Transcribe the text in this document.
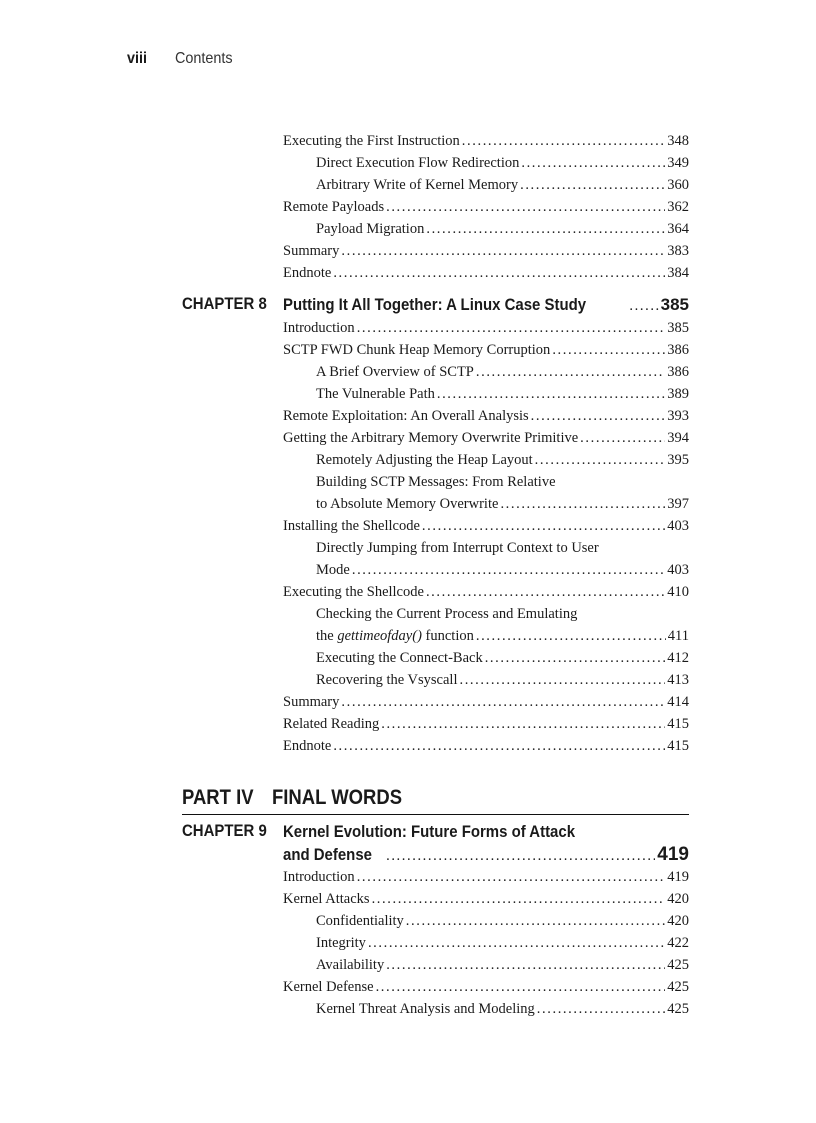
viii Contents
Executing the First Instruction .....	348
Direct Execution Flow Redirection .....	349
Arbitrary Write of Kernel Memory .....	360
Remote Payloads .....	362
Payload Migration .....	364
Summary .....	383
Endnote .....	384
CHAPTER 8 Putting It All Together: A Linux Case Study .....	385
Introduction .....	385
SCTP FWD Chunk Heap Memory Corruption .....	386
A Brief Overview of SCTP .....	386
The Vulnerable Path .....	389
Remote Exploitation: An Overall Analysis .....	393
Getting the Arbitrary Memory Overwrite Primitive .....	394
Remotely Adjusting the Heap Layout .....	395
Building SCTP Messages: From Relative
to Absolute Memory Overwrite .....	397
Installing the Shellcode .....	403
Directly Jumping from Interrupt Context to User
Mode .....	403
Executing the Shellcode .....	410
Checking the Current Process and Emulating
the gettimeofday() function .....	411
Executing the Connect-Back .....	412
Recovering the Vsyscall .....	413
Summary .....	414
Related Reading .....	415
Endnote .....	415
PART IV FINAL WORDS
CHAPTER 9 Kernel Evolution: Future Forms of Attack
and Defense .....	419
Introduction .....	419
Kernel Attacks .....	420
Confidentiality .....	420
Integrity .....	422
Availability .....	425
Kernel Defense .....	425
Kernel Threat Analysis and Modeling .....	425
